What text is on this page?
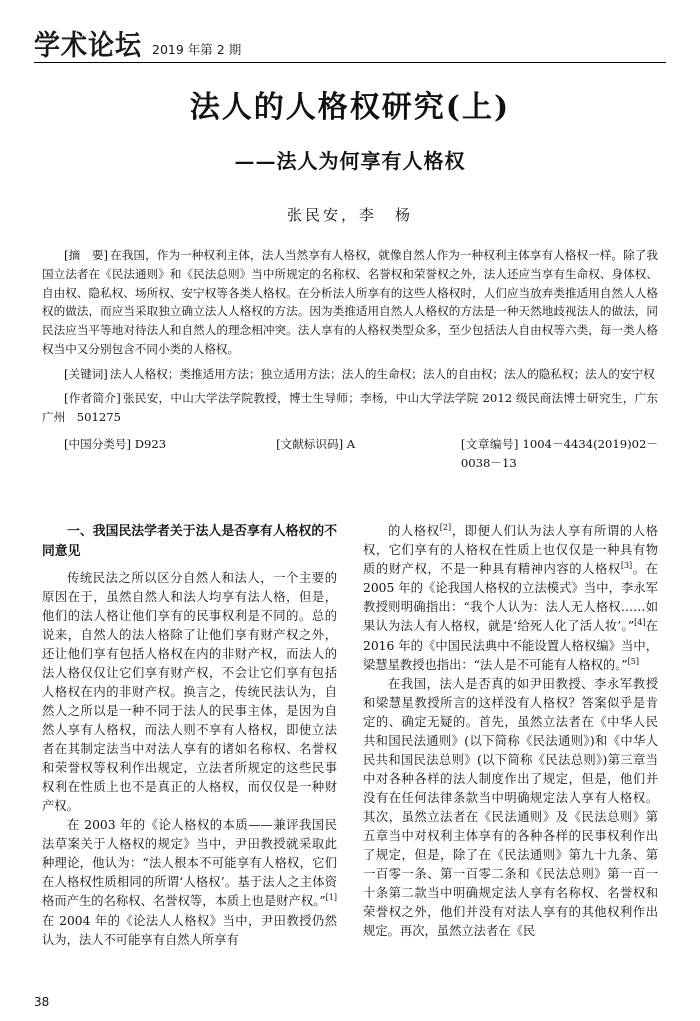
学术论坛 2019 年第 2 期
法人的人格权研究(上)
——法人为何享有人格权
张民安，李　杨

[摘　要] 在我国，作为一种权利主体，法人当然享有人格权，就像自然人作为一种权利主体享有人格权一样。除了我国立法者在《民法通则》和《民法总则》当中所规定的名称权、名誉权和荣誉权之外，法人还应当享有生命权、身体权、自由权、隐私权、场所权、安宁权等各类人格权。在分析法人所享有的这些人格权时，人们应当放弃类推适用自然人人格权的做法，而应当采取独立确立法人人格权的方法。因为类推适用自然人人格权的方法是一种天然地歧视法人的做法，同民法应当平等地对待法人和自然人的理念相冲突。法人享有的人格权类型众多，至少包括法人自由权等六类，每一类人格权当中又分别包含不同小类的人格权。

[关键词] 法人人格权；类推适用方法；独立适用方法；法人的生命权；法人的自由权；法人的隐私权；法人的安宁权

[作者简介] 张民安，中山大学法学院教授，博士生导师；李杨，中山大学法学院 2012 级民商法博士研究生，广东　广州　501275

[中国分类号] D923	[文献标识码] A	[文章编号] 1004－4434(2019)02－0038－13

一、我国民法学者关于法人是否享有人格权的不同意见

传统民法之所以区分自然人和法人，一个主要的原因在于，虽然自然人和法人均享有法人格，但是，他们的法人格让他们享有的民事权利是不同的。总的说来，自然人的法人格除了让他们享有财产权之外，还让他们享有包括人格权在内的非财产权，而法人的法人格仅仅让它们享有财产权，不会让它们享有包括人格权在内的非财产权。换言之，传统民法认为，自然人之所以是一种不同于法人的民事主体，是因为自然人享有人格权，而法人则不享有人格权，即使立法者在其制定法当中对法人享有的诸如名称权、名誉权和荣誉权等权利作出规定，立法者所规定的这些民事权利在性质上也不是真正的人格权，而仅仅是一种财产权。

在 2003 年的《论人格权的本质——兼评我国民法草案关于人格权的规定》当中，尹田教授就采取此种理论，他认为：“法人根本不可能享有人格权，它们在人格权性质相同的所谓‘人格权’。基于法人之主体资格而产生的名称权、名誉权等，本质上也是财产权。”[1]在 2004 年的《论法人人格权》当中，尹田教授仍然认为，法人不可能享有自然人所享有

的人格权[2]，即便人们认为法人享有所谓的人格权，它们享有的人格权在性质上也仅仅是一种具有物质的财产权，不是一种具有精神内容的人格权[3]。在 2005 年的《论我国人格权的立法模式》当中，李永军教授则明确指出：“我个人认为：法人无人格权……如果认为法人有人格权，就是‘给死人化了活人妆’。”[4]在 2016 年的《中国民法典中不能设置人格权编》当中，梁慧星教授也指出：“法人是不可能有人格权的。”[5]

在我国，法人是否真的如尹田教授、李永军教授和梁慧星教授所言的这样没有人格权？答案似乎是肯定的、确定无疑的。首先，虽然立法者在《中华人民共和国民法通则》(以下简称《民法通则》)和《中华人民共和国民法总则》(以下简称《民法总则》)第三章当中对各种各样的法人制度作出了规定，但是，他们并没有在任何法律条款当中明确规定法人享有人格权。其次，虽然立法者在《民法通则》及《民法总则》第五章当中对权利主体享有的各种各样的民事权利作出了规定，但是，除了在《民法通则》第九十九条、第一百零一条、第一百零二条和《民法总则》第一百一十条第二款当中明确规定法人享有名称权、名誉权和荣誉权之外，他们并没有对法人享有的其他权利作出规定。再次，虽然立法者在《民

38
